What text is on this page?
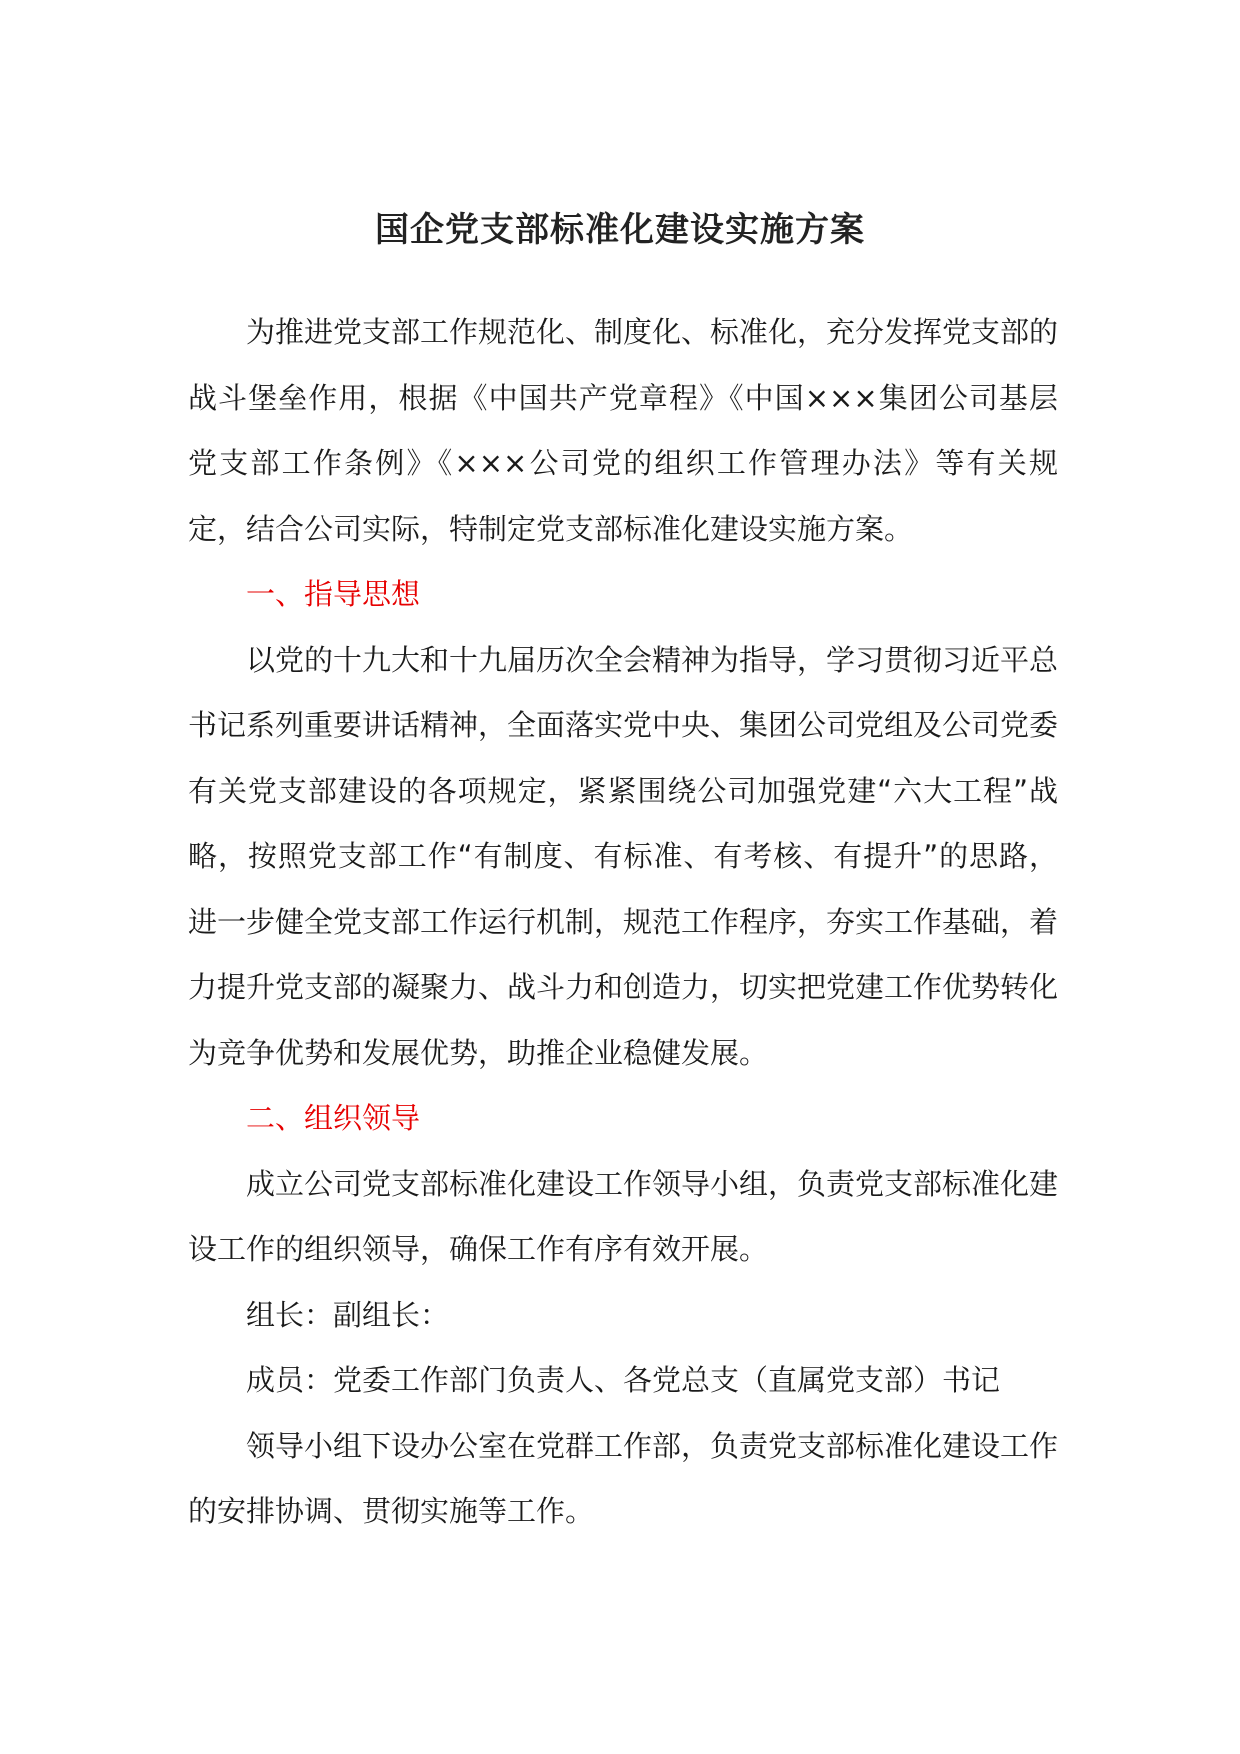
国企党支部标准化建设实施方案

为推进党支部工作规范化、制度化、标准化，充分发挥党支部的战斗堡垒作用，根据《中国共产党章程》《中国×××集团公司基层党支部工作条例》《×××公司党的组织工作管理办法》等有关规定，结合公司实际，特制定党支部标准化建设实施方案。

一、指导思想

以党的十九大和十九届历次全会精神为指导，学习贯彻习近平总书记系列重要讲话精神，全面落实党中央、集团公司党组及公司党委有关党支部建设的各项规定，紧紧围绕公司加强党建“六大工程”战略，按照党支部工作“有制度、有标准、有考核、有提升”的思路，进一步健全党支部工作运行机制，规范工作程序，夯实工作基础，着力提升党支部的凝聚力、战斗力和创造力，切实把党建工作优势转化为竞争优势和发展优势，助推企业稳健发展。

二、组织领导

成立公司党支部标准化建设工作领导小组，负责党支部标准化建设工作的组织领导，确保工作有序有效开展。

组长：副组长：

成员：党委工作部门负责人、各党总支（直属党支部）书记

领导小组下设办公室在党群工作部，负责党支部标准化建设工作的安排协调、贯彻实施等工作。
